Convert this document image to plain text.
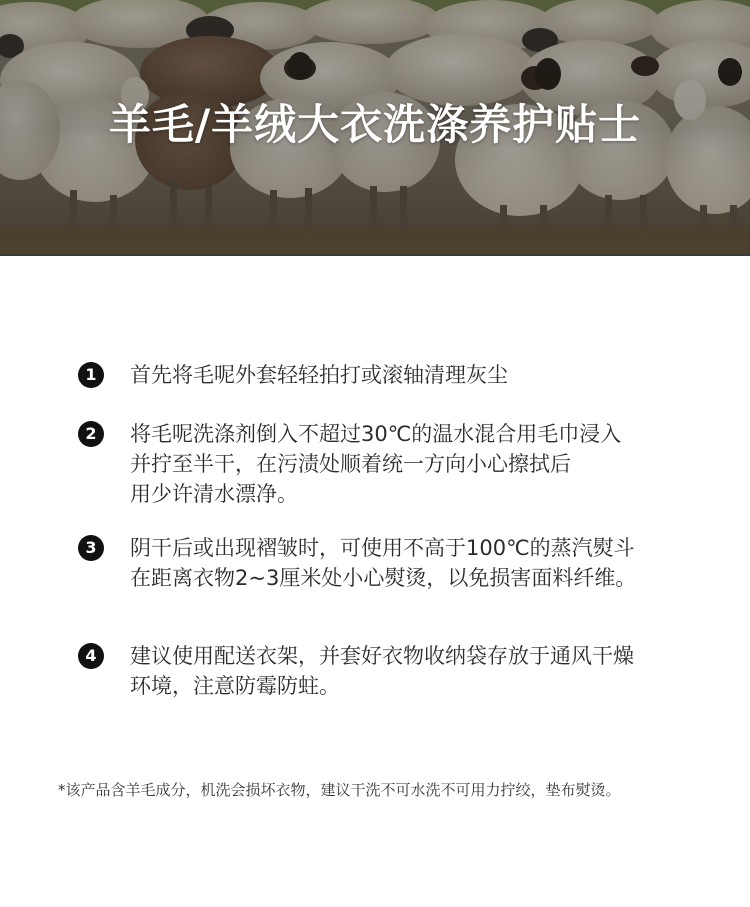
羊毛/羊绒大衣洗涤养护贴士
1	首先将毛呢外套轻轻拍打或滚轴清理灰尘
2	将毛呢洗涤剂倒入不超过30℃的温水混合用毛巾浸入
并拧至半干，在污渍处顺着统一方向小心擦拭后
用少许清水漂净。
3	阴干后或出现褶皱时，可使用不高于100℃的蒸汽熨斗
在距离衣物2~3厘米处小心熨烫，以免损害面料纤维。
4	建议使用配送衣架，并套好衣物收纳袋存放于通风干燥
环境，注意防霉防蛀。
*该产品含羊毛成分，机洗会损坏衣物，建议干洗不可水洗不可用力拧绞，垫布熨烫。
